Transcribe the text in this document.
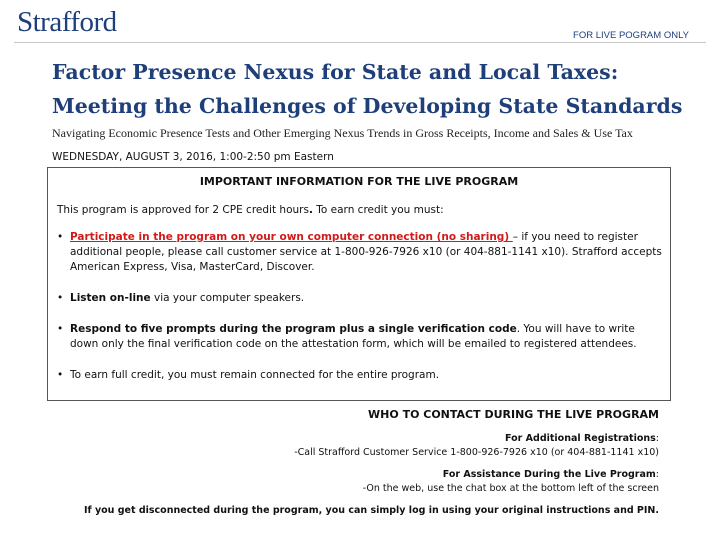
Strafford	FOR LIVE POGRAM ONLY
Factor Presence Nexus for State and Local Taxes:
Meeting the Challenges of Developing State Standards
Navigating Economic Presence Tests and Other Emerging Nexus Trends in Gross Receipts, Income and Sales & Use Tax
WEDNESDAY, AUGUST 3, 2016, 1:00-2:50 pm Eastern
IMPORTANT INFORMATION FOR THE LIVE PROGRAM
This program is approved for 2 CPE credit hours. To earn credit you must:
• Participate in the program on your own computer connection (no sharing) – if you need to register additional people, please call customer service at 1-800-926-7926 x10 (or 404-881-1141 x10). Strafford accepts American Express, Visa, MasterCard, Discover.
• Listen on-line via your computer speakers.
• Respond to five prompts during the program plus a single verification code. You will have to write down only the final verification code on the attestation form, which will be emailed to registered attendees.
• To earn full credit, you must remain connected for the entire program.
WHO TO CONTACT DURING THE LIVE PROGRAM
For Additional Registrations:
-Call Strafford Customer Service 1-800-926-7926 x10 (or 404-881-1141 x10)
For Assistance During the Live Program:
-On the web, use the chat box at the bottom left of the screen
If you get disconnected during the program, you can simply log in using your original instructions and PIN.
